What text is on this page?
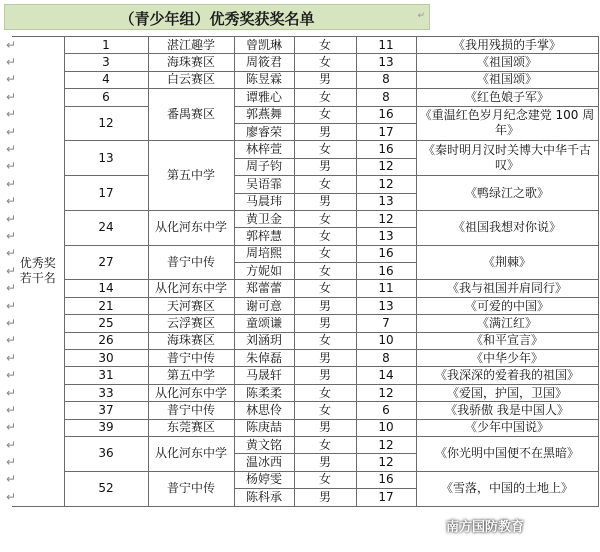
（青少年组）优秀奖获奖名单	↵
↵	优秀奖若干名	1	湛江趣学	曾凯琳	女	11	《我用残损的手掌》
↵		3	海珠赛区	周筱君	女	13	《祖国颂》
↵		4	白云赛区	陈昱霖	男	8	《祖国颂》
↵		6	番禺赛区	谭雅心	女	8	《红色娘子军》
↵		12		郭燕舞	女	16	《重温红色岁月纪念建党 100 周年》
↵				廖睿荣	男	17	
↵		13	第五中学	林梓萱	女	16	《秦时明月汉时关博大中华千古叹》
↵				周子钧	男	12	
↵		17		吴语霏	女	12	《鸭绿江之歌》
↵				马晨玮	男	13	
↵		24	从化河东中学	黄卫金	女	12	《祖国我想对你说》
↵				郭梓慧	女	13	
↵		27	普宁中传	周培熙	女	16	《荆棘》
↵				方妮如	女	16	
↵		14	从化河东中学	郑蕾蕾	女	11	《我与祖国并肩同行》
↵		21	天河赛区	谢可意	男	13	《可爱的中国》
↵		25	云浮赛区	童颂谦	男	7	《满江红》
↵		26	海珠赛区	刘涵玥	女	10	《和平宣言》
↵		30	普宁中传	朱倬磊	男	8	《中华少年》
↵		31	第五中学	马晟轩	男	14	《我深深的爱着我的祖国》
↵		33	从化河东中学	陈柔柔	女	12	《爱国，护国，卫国》
↵		37	普宁中传	林思伶	女	6	《我骄傲 我是中国人》
↵		39	东莞赛区	陈庚喆	男	10	《少年中国说》
↵		36	从化河东中学	黄文铭	女	12	《你光明中国便不在黑暗》
↵				温冰西	男	12	
↵		52	普宁中传	杨婷雯	女	16	《雪落，中国的土地上》
↵				陈科承	男	17	
南方国防教育
